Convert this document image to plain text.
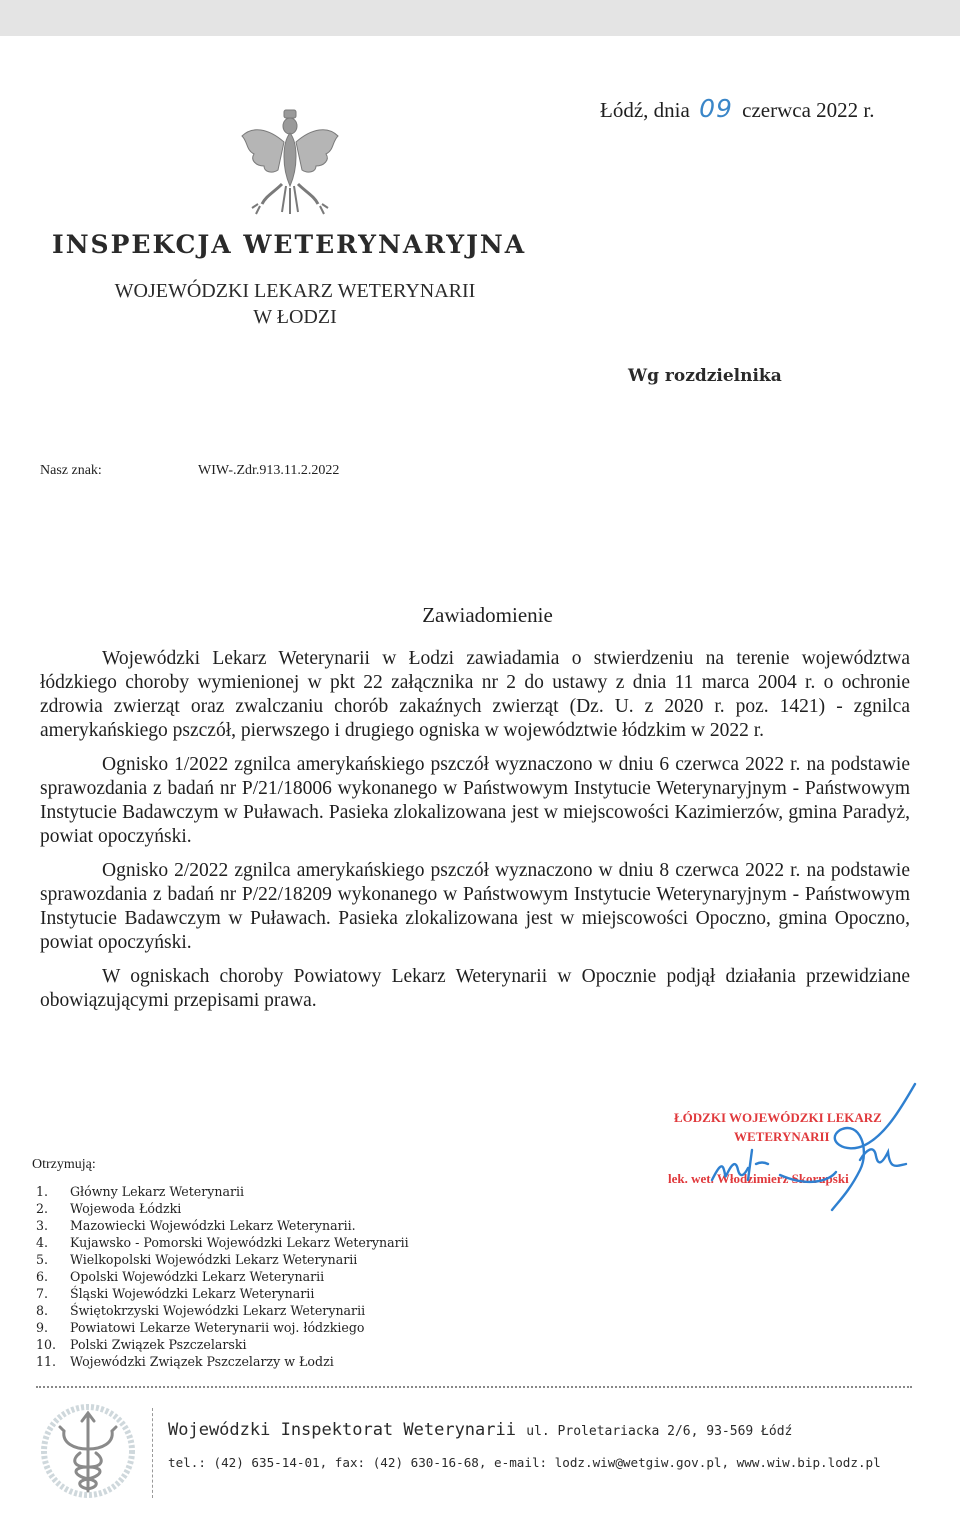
Łódź, dnia 09 czerwca 2022 r.
INSPEKCJA WETERYNARYJNA
WOJEWÓDZKI LEKARZ WETERYNARII
W ŁODZI
Wg rozdzielnika
Nasz znak:	WIW-.Zdr.913.11.2.2022
Zawiadomienie

Wojewódzki Lekarz Weterynarii w Łodzi zawiadamia o stwierdzeniu na terenie województwa łódzkiego choroby wymienionej w pkt 22 załącznika nr 2 do ustawy z dnia 11 marca 2004 r. o ochronie zdrowia zwierząt oraz zwalczaniu chorób zakaźnych zwierząt (Dz. U. z 2020 r. poz. 1421) - zgnilca amerykańskiego pszczół, pierwszego i drugiego ogniska w województwie łódzkim w 2022 r.

Ognisko 1/2022 zgnilca amerykańskiego pszczół wyznaczono w dniu 6 czerwca 2022 r. na podstawie sprawozdania z badań nr P/21/18006 wykonanego w Państwowym Instytucie Weterynaryjnym - Państwowym Instytucie Badawczym w Puławach. Pasieka zlokalizowana jest w miejscowości Kazimierzów, gmina Paradyż, powiat opoczyński.

Ognisko 2/2022 zgnilca amerykańskiego pszczół wyznaczono w dniu 8 czerwca 2022 r. na podstawie sprawozdania z badań nr P/22/18209 wykonanego w Państwowym Instytucie Weterynaryjnym - Państwowym Instytucie Badawczym w Puławach. Pasieka zlokalizowana jest w miejscowości Opoczno, gmina Opoczno, powiat opoczyński.

W ogniskach choroby Powiatowy Lekarz Weterynarii w Opocznie podjął działania przewidziane obowiązującymi przepisami prawa.

ŁÓDZKI WOJEWÓDZKI LEKARZ
WETERYNARII
lek. wet. Włodzimierz Skorupski
Otrzymują:
1. Główny Lekarz Weterynarii
2. Wojewoda Łódzki
3. Mazowiecki Wojewódzki Lekarz Weterynarii.
4. Kujawsko - Pomorski Wojewódzki Lekarz Weterynarii
5. Wielkopolski Wojewódzki Lekarz Weterynarii
6. Opolski Wojewódzki Lekarz Weterynarii
7. Śląski Wojewódzki Lekarz Weterynarii
8. Świętokrzyski Wojewódzki Lekarz Weterynarii
9. Powiatowi Lekarze Weterynarii woj. łódzkiego
10. Polski Związek Pszczelarski
11. Wojewódzki Związek Pszczelarzy w Łodzi
Wojewódzki Inspektorat Weterynarii ul. Proletariacka 2/6, 93-569 Łódź
tel.: (42) 635-14-01, fax: (42) 630-16-68, e-mail: lodz.wiw@wetgiw.gov.pl, www.wiw.bip.lodz.pl
